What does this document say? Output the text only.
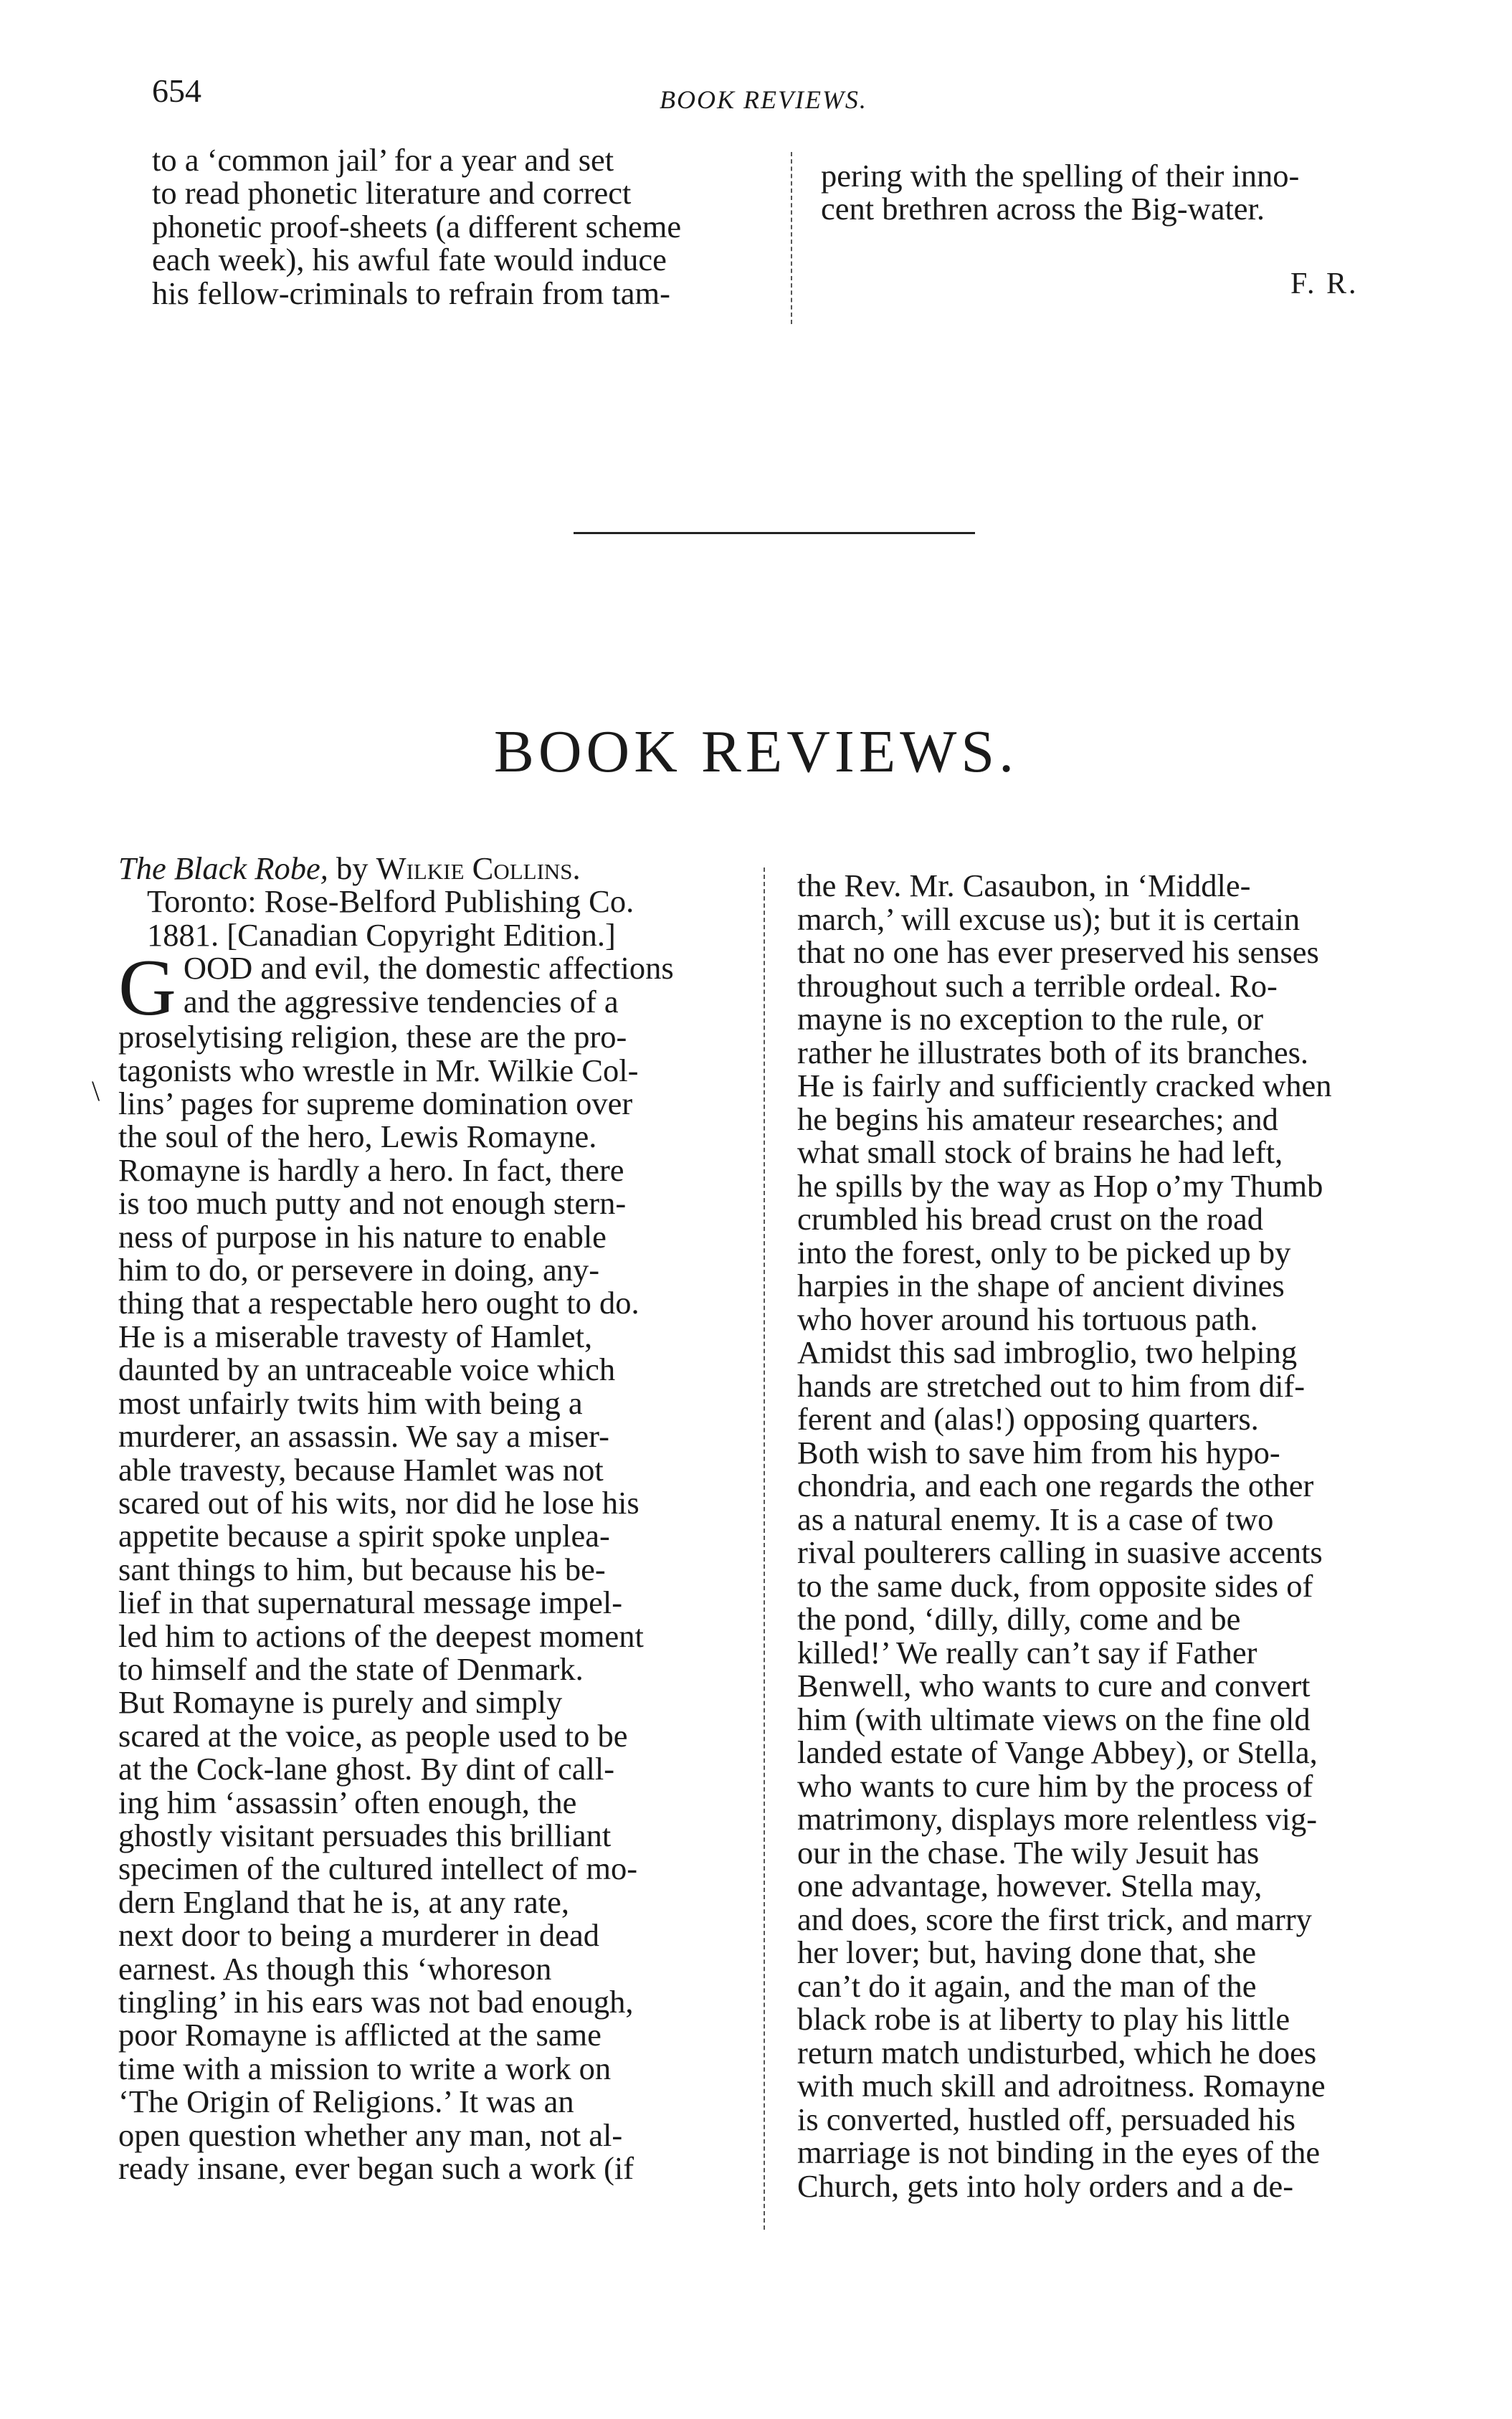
654	BOOK REVIEWS.
to a ‘common jail’ for a year and set
to read phonetic literature and correct
phonetic proof-sheets (a different scheme
each week), his awful fate would induce
his fellow-criminals to refrain from tam-
pering with the spelling of their inno-
cent brethren across the Big-water.
F. R.
BOOK REVIEWS.
\
The Black Robe, by Wilkie Collins.
Toronto: Rose-Belford Publishing Co.
1881. [Canadian Copyright Edition.]
G OOD and evil, the domestic affections
and the aggressive tendencies of a
proselytising religion, these are the pro-
tagonists who wrestle in Mr. Wilkie Col-
lins’ pages for supreme domination over
the soul of the hero, Lewis Romayne.
Romayne is hardly a hero. In fact, there
is too much putty and not enough stern-
ness of purpose in his nature to enable
him to do, or persevere in doing, any-
thing that a respectable hero ought to do.
He is a miserable travesty of Hamlet,
daunted by an untraceable voice which
most unfairly twits him with being a
murderer, an assassin. We say a miser-
able travesty, because Hamlet was not
scared out of his wits, nor did he lose his
appetite because a spirit spoke unplea-
sant things to him, but because his be-
lief in that supernatural message impel-
led him to actions of the deepest moment
to himself and the state of Denmark.
But Romayne is purely and simply
scared at the voice, as people used to be
at the Cock-lane ghost. By dint of call-
ing him ‘assassin’ often enough, the
ghostly visitant persuades this brilliant
specimen of the cultured intellect of mo-
dern England that he is, at any rate,
next door to being a murderer in dead
earnest. As though this ‘whoreson
tingling’ in his ears was not bad enough,
poor Romayne is afflicted at the same
time with a mission to write a work on
‘The Origin of Religions.’ It was an
open question whether any man, not al-
ready insane, ever began such a work (if
the Rev. Mr. Casaubon, in ‘Middle-
march,’ will excuse us); but it is certain
that no one has ever preserved his senses
throughout such a terrible ordeal. Ro-
mayne is no exception to the rule, or
rather he illustrates both of its branches.
He is fairly and sufficiently cracked when
he begins his amateur researches; and
what small stock of brains he had left,
he spills by the way as Hop o’my Thumb
crumbled his bread crust on the road
into the forest, only to be picked up by
harpies in the shape of ancient divines
who hover around his tortuous path.
Amidst this sad imbroglio, two helping
hands are stretched out to him from dif-
ferent and (alas!) opposing quarters.
Both wish to save him from his hypo-
chondria, and each one regards the other
as a natural enemy. It is a case of two
rival poulterers calling in suasive accents
to the same duck, from opposite sides of
the pond, ‘dilly, dilly, come and be
killed!’ We really can’t say if Father
Benwell, who wants to cure and convert
him (with ultimate views on the fine old
landed estate of Vange Abbey), or Stella,
who wants to cure him by the process of
matrimony, displays more relentless vig-
our in the chase. The wily Jesuit has
one advantage, however. Stella may,
and does, score the first trick, and marry
her lover; but, having done that, she
can’t do it again, and the man of the
black robe is at liberty to play his little
return match undisturbed, which he does
with much skill and adroitness. Romayne
is converted, hustled off, persuaded his
marriage is not binding in the eyes of the
Church, gets into holy orders and a de-
